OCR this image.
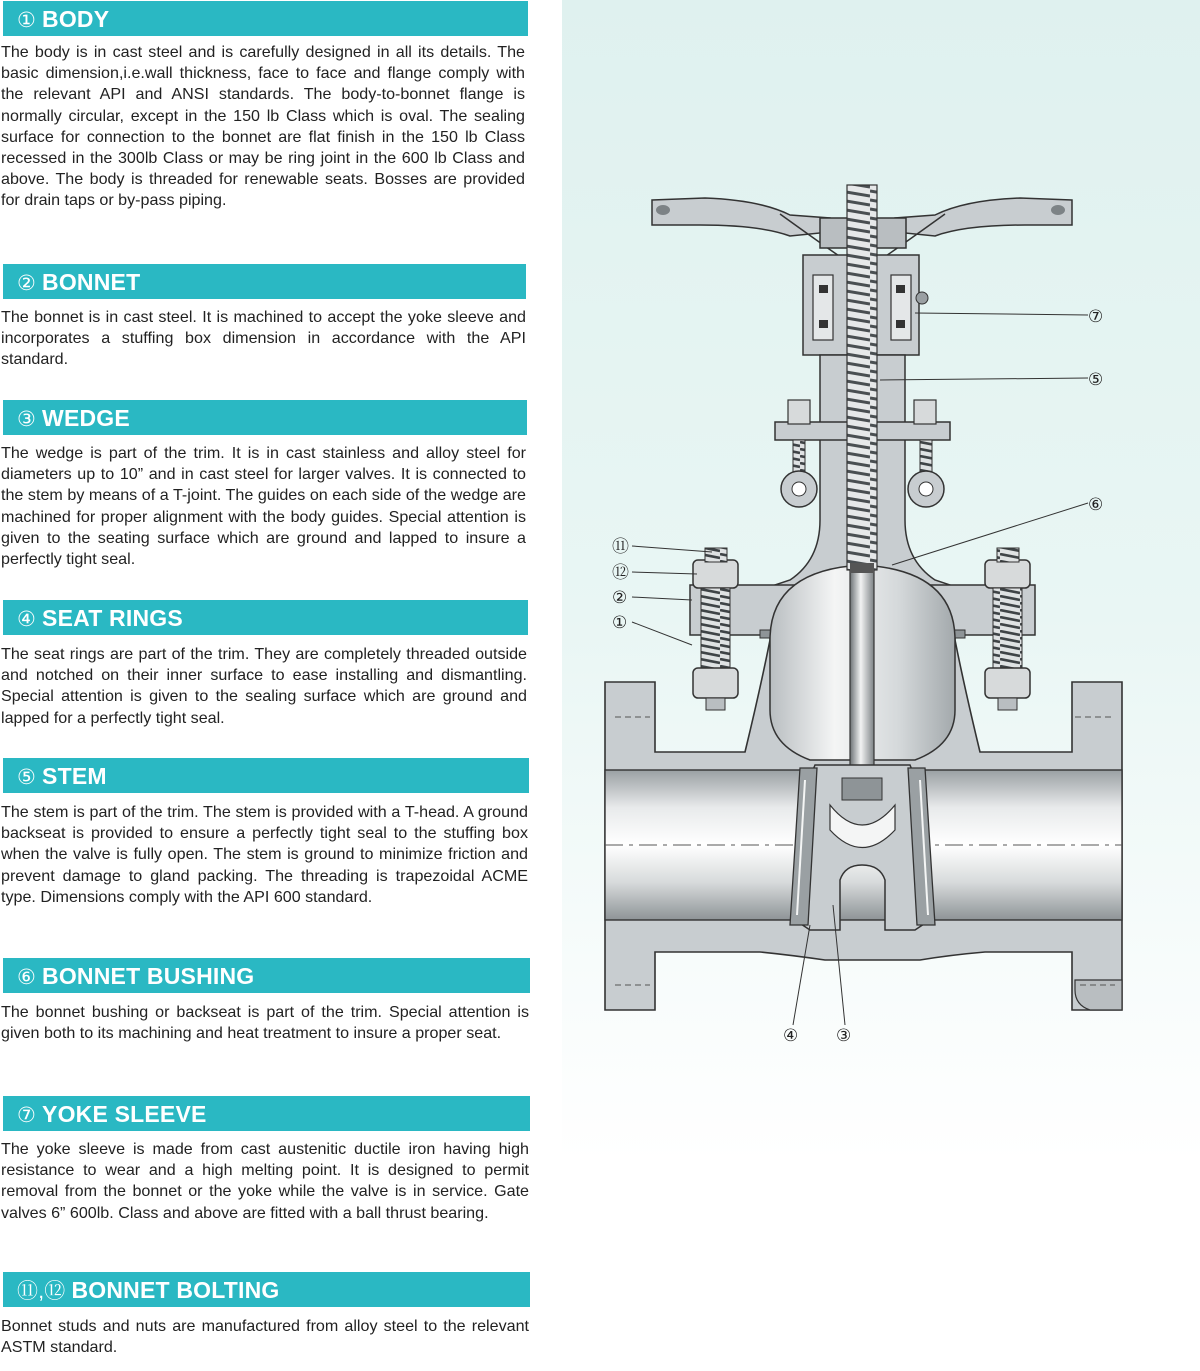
① BODY

The body is in cast steel and is carefully designed in all its details. The basic dimension,i.e.wall thickness, face to face and flange comply with the relevant API and ANSI standards. The body-to-bonnet flange is normally circular, except in the 150 lb Class which is oval. The sealing surface for connection to the bonnet are flat finish in the 150 lb Class recessed in the 300lb Class or may be ring joint in the 600 lb Class and above. The body is threaded for renewable seats. Bosses are provided for drain taps or by-pass piping.

② BONNET

The bonnet is in cast steel. It is machined to accept the yoke sleeve and incorporates a stuffing box dimension in accordance with the API standard.

③ WEDGE

The wedge is part of the trim. It is in cast stainless and alloy steel for diameters up to 10” and in cast steel for larger valves. It is connected to the stem by means of a T-joint. The guides on each side of the wedge are machined for proper alignment with the body guides. Special attention is given to the seating surface which are ground and lapped to insure a perfectly tight seal.

④ SEAT RINGS

The seat rings are part of the trim. They are completely threaded outside and notched on their inner surface to ease installing and dismantling. Special attention is given to the sealing surface which are ground and lapped for a perfectly tight seal.

⑤ STEM

The stem is part of the trim. The stem is provided with a T-head. A ground backseat is provided to ensure a perfectly tight seal to the stuffing box when the valve is fully open. The stem is ground to minimize friction and prevent damage to gland packing. The threading is trapezoidal ACME type. Dimensions comply with the API 600 standard.

⑥ BONNET BUSHING

The bonnet bushing or backseat is part of the trim. Special attention is given both to its machining and heat treatment to insure a proper seat.

⑦ YOKE SLEEVE

The yoke sleeve is made from cast austenitic ductile iron having high resistance to wear and a high melting point. It is designed to permit removal from the bonnet or the yoke while the valve is in service. Gate valves 6” 600lb. Class and above are fitted with a ball thrust bearing.

⑪,⑫ BONNET BOLTING

Bonnet studs and nuts are manufactured from alloy steel to the relevant ASTM standard.

⑦
⑤
⑥
⑪
⑫
②
①
④ ③
